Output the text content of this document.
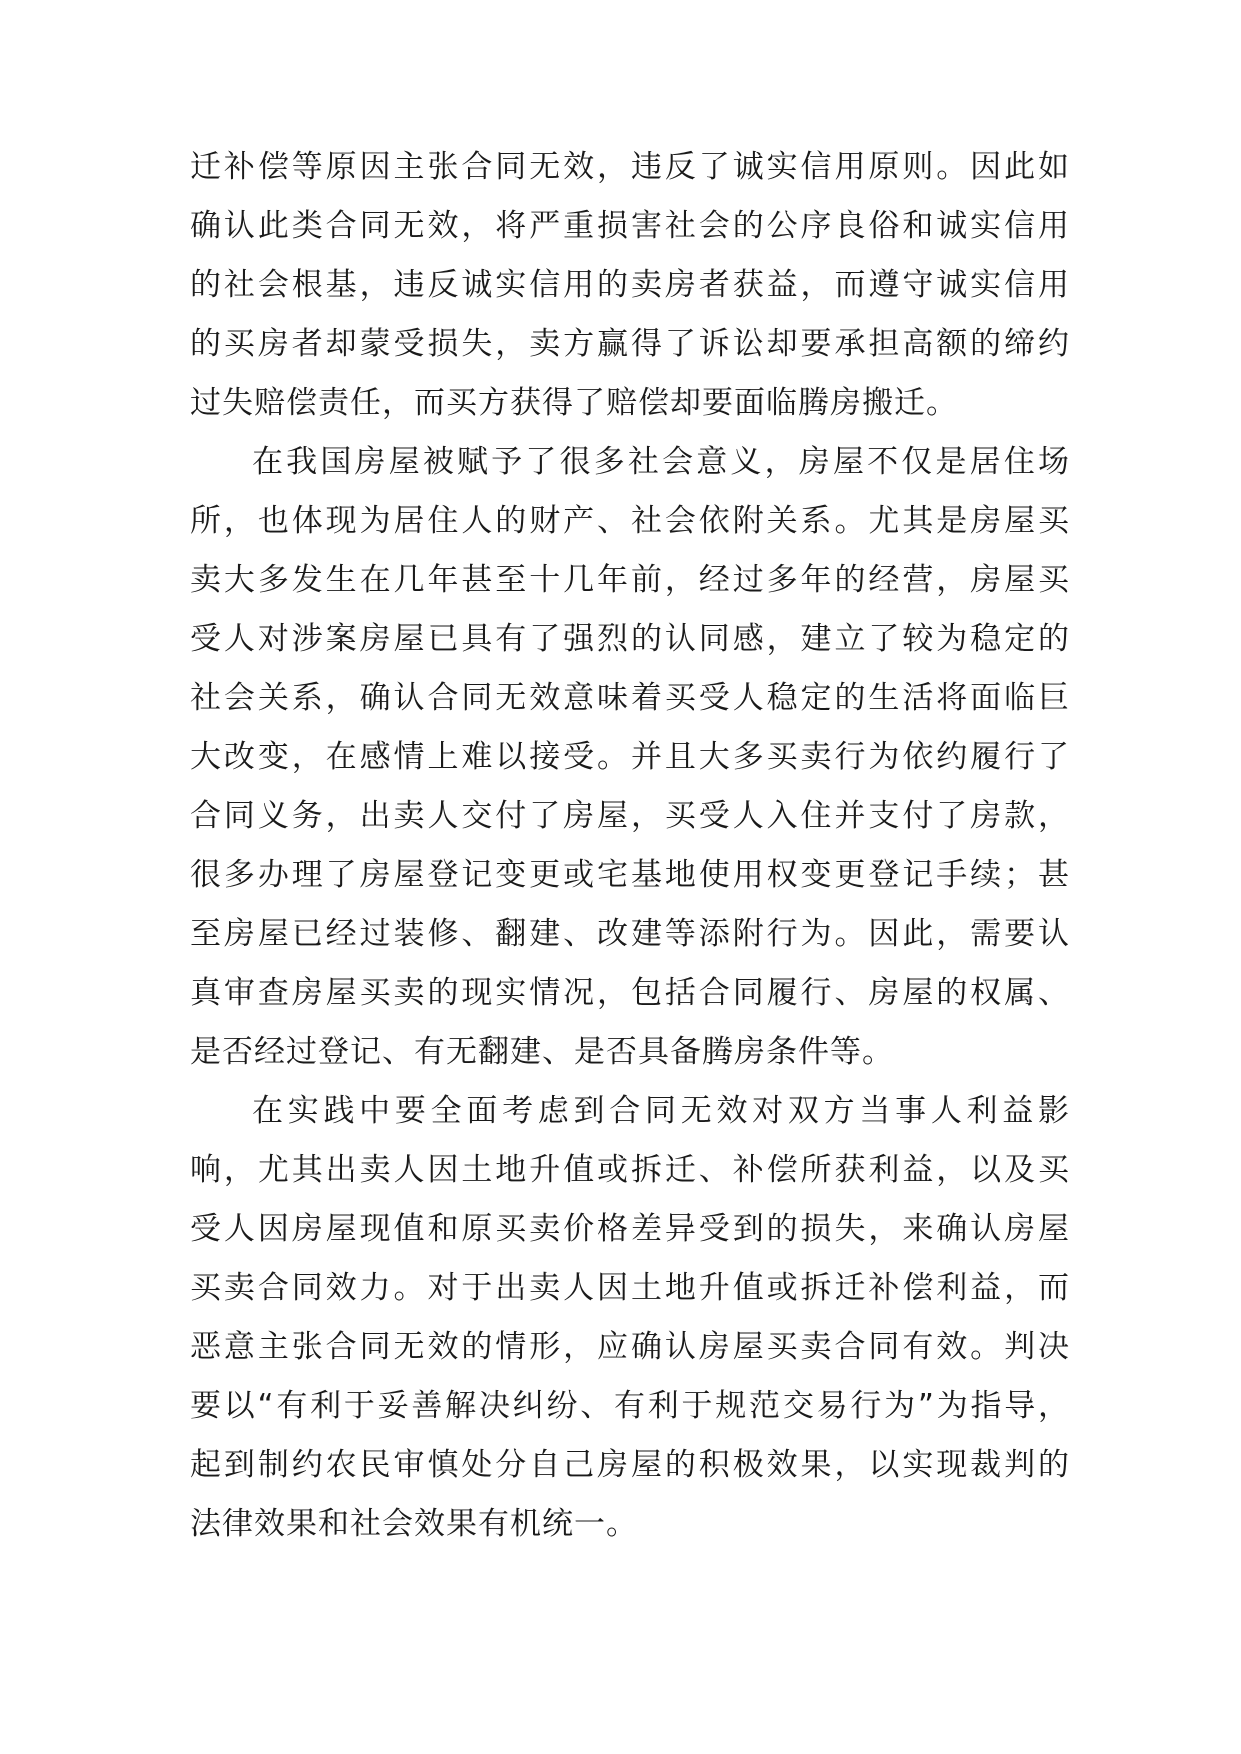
迁补偿等原因主张合同无效，违反了诚实信用原则。因此如
确认此类合同无效，将严重损害社会的公序良俗和诚实信用
的社会根基，违反诚实信用的卖房者获益，而遵守诚实信用
的买房者却蒙受损失，卖方赢得了诉讼却要承担高额的缔约
过失赔偿责任，而买方获得了赔偿却要面临腾房搬迁。
在我国房屋被赋予了很多社会意义，房屋不仅是居住场
所，也体现为居住人的财产、社会依附关系。尤其是房屋买
卖大多发生在几年甚至十几年前，经过多年的经营，房屋买
受人对涉案房屋已具有了强烈的认同感，建立了较为稳定的
社会关系，确认合同无效意味着买受人稳定的生活将面临巨
大改变，在感情上难以接受。并且大多买卖行为依约履行了
合同义务，出卖人交付了房屋，买受人入住并支付了房款，
很多办理了房屋登记变更或宅基地使用权变更登记手续；甚
至房屋已经过装修、翻建、改建等添附行为。因此，需要认
真审查房屋买卖的现实情况，包括合同履行、房屋的权属、
是否经过登记、有无翻建、是否具备腾房条件等。
在实践中要全面考虑到合同无效对双方当事人利益影
响，尤其出卖人因土地升值或拆迁、补偿所获利益，以及买
受人因房屋现值和原买卖价格差异受到的损失，来确认房屋
买卖合同效力。对于出卖人因土地升值或拆迁补偿利益，而
恶意主张合同无效的情形，应确认房屋买卖合同有效。判决
要以“有利于妥善解决纠纷、有利于规范交易行为”为指导，
起到制约农民审慎处分自己房屋的积极效果，以实现裁判的
法律效果和社会效果有机统一。
